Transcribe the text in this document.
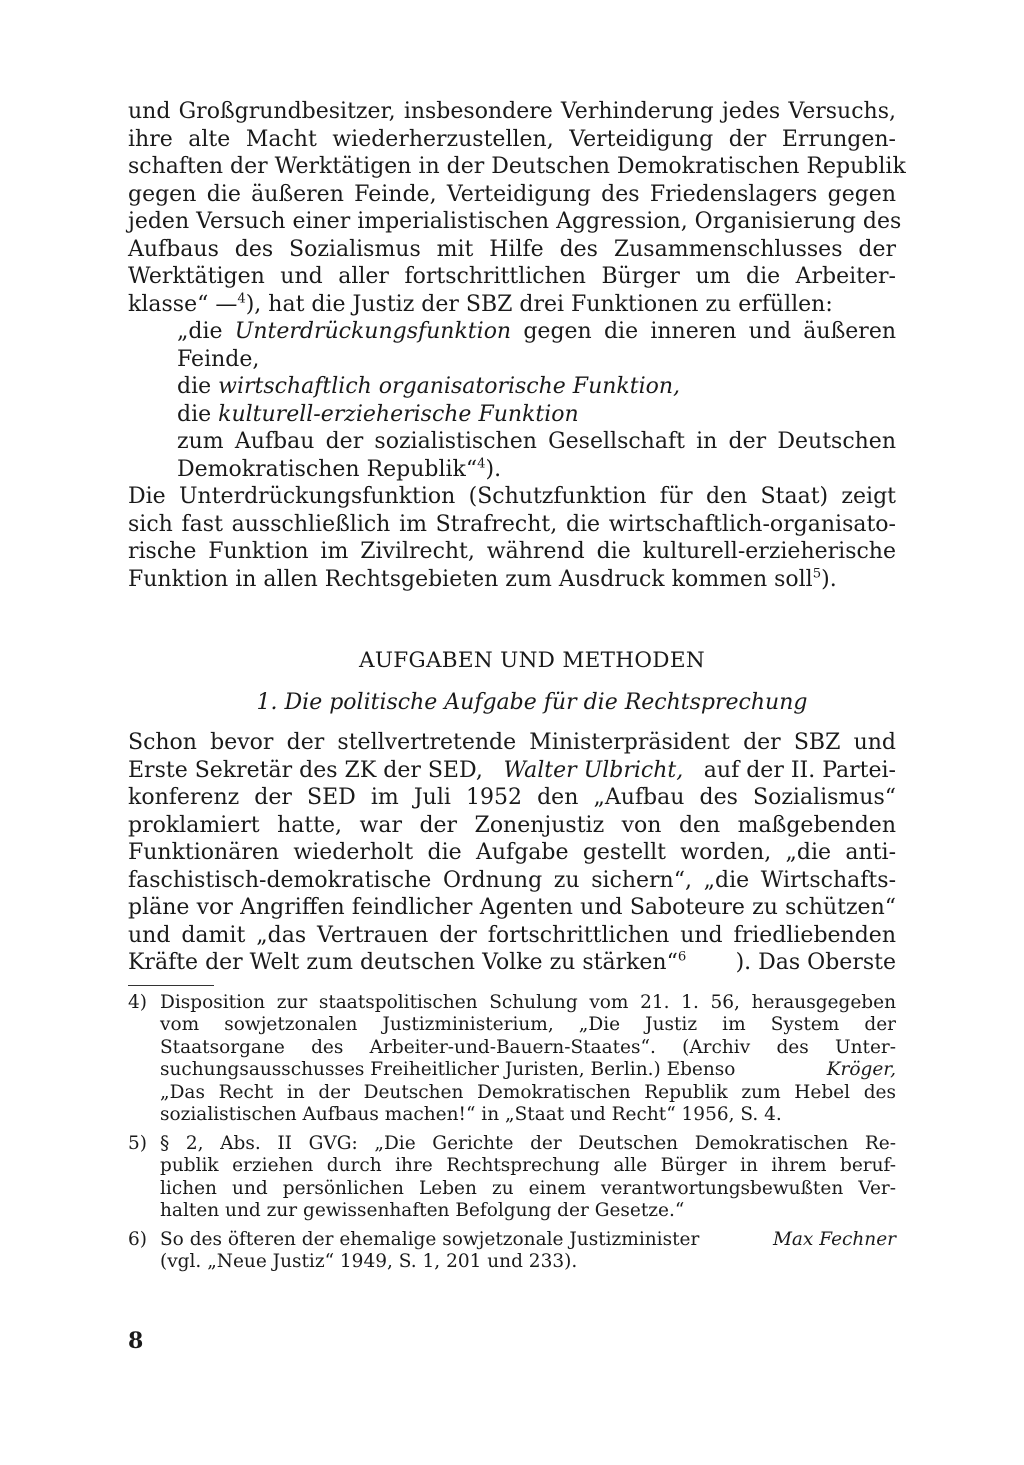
und Großgrundbesitzer, insbesondere Verhinderung jedes Versuchs,
ihre alte Macht wiederherzustellen, Verteidigung der Errungen-
schaften der Werktätigen in der Deutschen Demokratischen Republik
gegen die äußeren Feinde, Verteidigung des Friedenslagers gegen
jeden Versuch einer imperialistischen Aggression, Organisierung des
Aufbaus des Sozialismus mit Hilfe des Zusammenschlusses der
Werktätigen und aller fortschrittlichen Bürger um die Arbeiter-
klasse“ —$^4$), hat die Justiz der SBZ drei Funktionen zu erfüllen:
„die Unterdrückungsfunktion gegen die inneren und äußeren
Feinde,
die wirtschaftlich organisatorische Funktion,
die kulturell-erzieherische Funktion
zum Aufbau der sozialistischen Gesellschaft in der Deutschen
Demokratischen Republik“$^4$).
Die Unterdrückungsfunktion (Schutzfunktion für den Staat) zeigt
sich fast ausschließlich im Strafrecht, die wirtschaftlich-organisato-
rische Funktion im Zivilrecht, während die kulturell-erzieherische
Funktion in allen Rechtsgebieten zum Ausdruck kommen soll$^5$).
AUFGABEN UND METHODEN
1. Die politische Aufgabe für die Rechtsprechung
Schon bevor der stellvertretende Ministerpräsident der SBZ und
Erste Sekretär des ZK der SED, Walter Ulbricht, auf der II. Partei-
konferenz der SED im Juli 1952 den „Aufbau des Sozialismus“
proklamiert hatte, war der Zonenjustiz von den maßgebenden
Funktionären wiederholt die Aufgabe gestellt worden, „die anti-
faschistisch-demokratische Ordnung zu sichern“, „die Wirtschafts-
pläne vor Angriffen feindlicher Agenten und Saboteure zu schützen“
und damit „das Vertrauen der fortschrittlichen und friedliebenden
Kräfte der Welt zum deutschen Volke zu stärken“$^6$ ). Das Oberste
4) Disposition zur staatspolitischen Schulung vom 21. 1. 56, herausgegeben
vom sowjetzonalen Justizministerium, „Die Justiz im System der
Staatsorgane des Arbeiter-und-Bauern-Staates“. (Archiv des Unter-
suchungsausschusses Freiheitlicher Juristen, Berlin.) Ebenso	Kröger,
„Das Recht in der Deutschen Demokratischen Republik zum Hebel des
sozialistischen Aufbaus machen!“ in „Staat und Recht“ 1956, S. 4.
5) § 2, Abs. II GVG: „Die Gerichte der Deutschen Demokratischen Re-
publik erziehen durch ihre Rechtsprechung alle Bürger in ihrem beruf-
lichen und persönlichen Leben zu einem verantwortungsbewußten Ver-
halten und zur gewissenhaften Befolgung der Gesetze.“
6) So des öfteren der ehemalige sowjetzonale Justizminister	Max Fechner
(vgl. „Neue Justiz“ 1949, S. 1, 201 und 233).
8
